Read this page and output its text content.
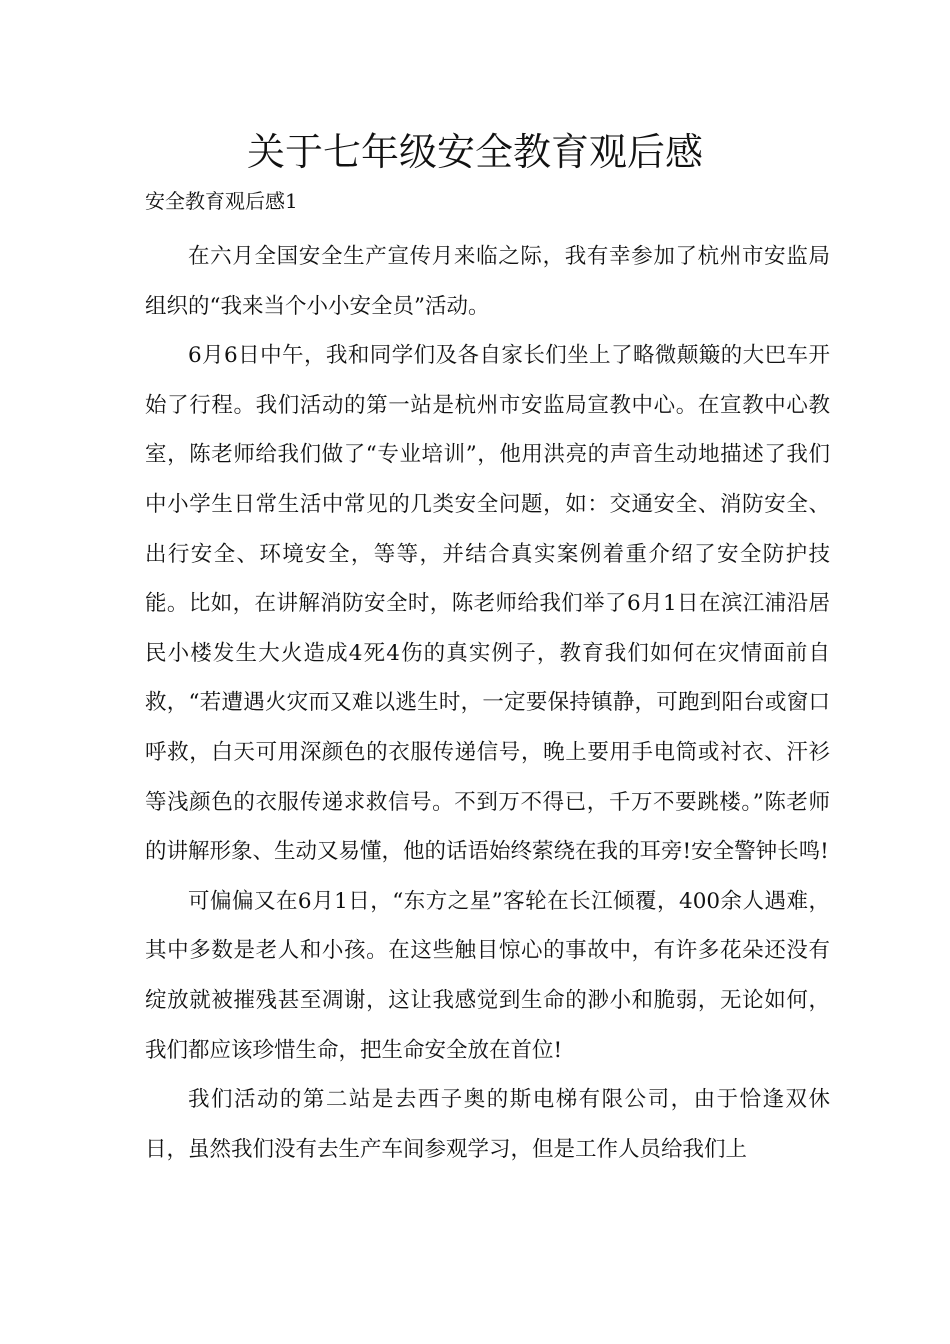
关于七年级安全教育观后感

安全教育观后感1

在六月全国安全生产宣传月来临之际，我有幸参加了杭州市安监局组织的“我来当个小小安全员”活动。

6月6日中午，我和同学们及各自家长们坐上了略微颠簸的大巴车开始了行程。我们活动的第一站是杭州市安监局宣教中心。在宣教中心教室，陈老师给我们做了“专业培训”，他用洪亮的声音生动地描述了我们中小学生日常生活中常见的几类安全问题，如：交通安全、消防安全、出行安全、环境安全，等等，并结合真实案例着重介绍了安全防护技能。比如，在讲解消防安全时，陈老师给我们举了6月1日在滨江浦沿居民小楼发生大火造成4死4伤的真实例子，教育我们如何在灾情面前自救，“若遭遇火灾而又难以逃生时，一定要保持镇静，可跑到阳台或窗口呼救，白天可用深颜色的衣服传递信号，晚上要用手电筒或衬衣、汗衫等浅颜色的衣服传递求救信号。不到万不得已，千万不要跳楼。”陈老师的讲解形象、生动又易懂，他的话语始终萦绕在我的耳旁!安全警钟长鸣!

可偏偏又在6月1日，“东方之星”客轮在长江倾覆，400余人遇难，其中多数是老人和小孩。在这些触目惊心的事故中，有许多花朵还没有绽放就被摧残甚至凋谢，这让我感觉到生命的渺小和脆弱，无论如何，我们都应该珍惜生命，把生命安全放在首位!

我们活动的第二站是去西子奥的斯电梯有限公司，由于恰逢双休日，虽然我们没有去生产车间参观学习，但是工作人员给我们上
